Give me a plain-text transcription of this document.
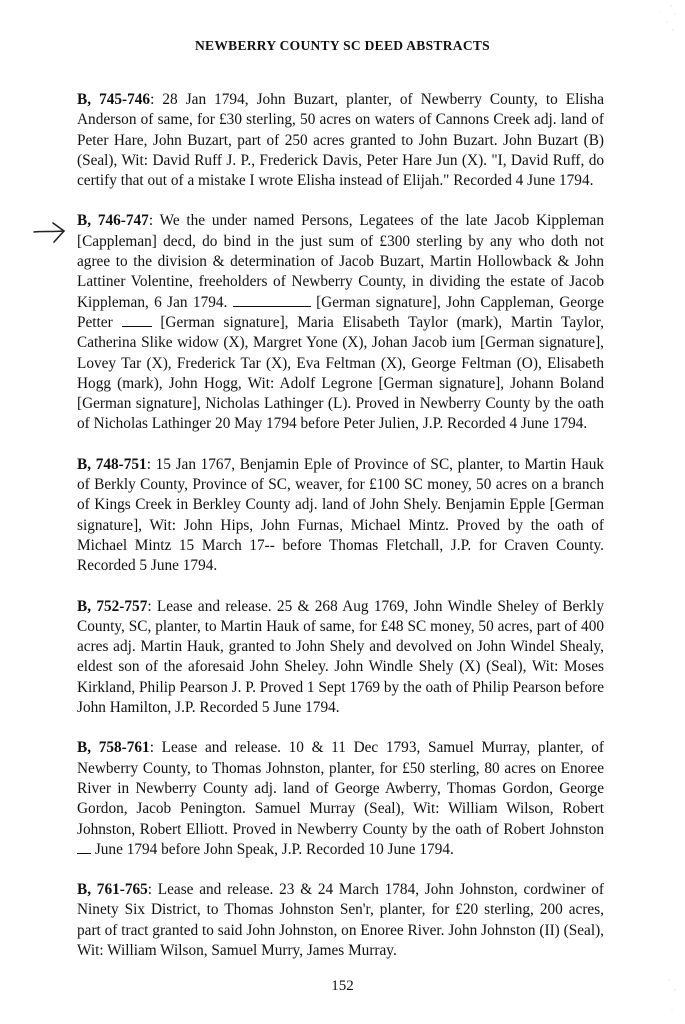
NEWBERRY COUNTY SC DEED ABSTRACTS

B, 745-746: 28 Jan 1794, John Buzart, planter, of Newberry County, to Elisha Anderson of same, for £30 sterling, 50 acres on waters of Cannons Creek adj. land of Peter Hare, John Buzart, part of 250 acres granted to John Buzart. John Buzart (B) (Seal), Wit: David Ruff J. P., Frederick Davis, Peter Hare Jun (X). "I, David Ruff, do certify that out of a mistake I wrote Elisha instead of Elijah." Recorded 4 June 1794.

B, 746-747: We the under named Persons, Legatees of the late Jacob Kippleman [Cappleman] decd, do bind in the just sum of £300 sterling by any who doth not agree to the division & determination of Jacob Buzart, Martin Hollowback & John Lattiner Volentine, freeholders of Newberry County, in dividing the estate of Jacob Kippleman, 6 Jan 1794.	[German signature], John Cappleman, George Petter  [German signature], Maria Elisabeth Taylor (mark), Martin Taylor, Catherina Slike widow (X), Margret Yone (X), Johan Jacob ium [German signature], Lovey Tar (X), Frederick Tar (X), Eva Feltman (X), George Feltman (O), Elisabeth Hogg (mark), John Hogg, Wit: Adolf Legrone [German signature], Johann Boland [German signature], Nicholas Lathinger (L). Proved in Newberry County by the oath of Nicholas Lathinger 20 May 1794 before Peter Julien, J.P. Recorded 4 June 1794.

B, 748-751: 15 Jan 1767, Benjamin Eple of Province of SC, planter, to Martin Hauk of Berkly County, Province of SC, weaver, for £100 SC money, 50 acres on a branch of Kings Creek in Berkley County adj. land of John Shely. Benjamin Epple [German signature], Wit: John Hips, John Furnas, Michael Mintz. Proved by the oath of Michael Mintz 15 March 17-- before Thomas Fletchall, J.P. for Craven County. Recorded 5 June 1794.

B, 752-757: Lease and release. 25 & 268 Aug 1769, John Windle Sheley of Berkly County, SC, planter, to Martin Hauk of same, for £48 SC money, 50 acres, part of 400 acres adj. Martin Hauk, granted to John Shely and devolved on John Windel Shealy, eldest son of the aforesaid John Sheley. John Windle Shely (X) (Seal), Wit: Moses Kirkland, Philip Pearson J. P. Proved 1 Sept 1769 by the oath of Philip Pearson before John Hamilton, J.P. Recorded 5 June 1794.

B, 758-761: Lease and release. 10 & 11 Dec 1793, Samuel Murray, planter, of Newberry County, to Thomas Johnston, planter, for £50 sterling, 80 acres on Enoree River in Newberry County adj. land of George Awberry, Thomas Gordon, George Gordon, Jacob Penington. Samuel Murray (Seal), Wit: William Wilson, Robert Johnston, Robert Elliott. Proved in Newberry County by the oath of Robert Johnston  June 1794 before John Speak, J.P. Recorded 10 June 1794.

B, 761-765: Lease and release. 23 & 24 March 1784, John Johnston, cordwiner of Ninety Six District, to Thomas Johnston Sen'r, planter, for £20 sterling, 200 acres, part of tract granted to said John Johnston, on Enoree River. John Johnston (II) (Seal), Wit: William Wilson, Samuel Murry, James Murray.

152
